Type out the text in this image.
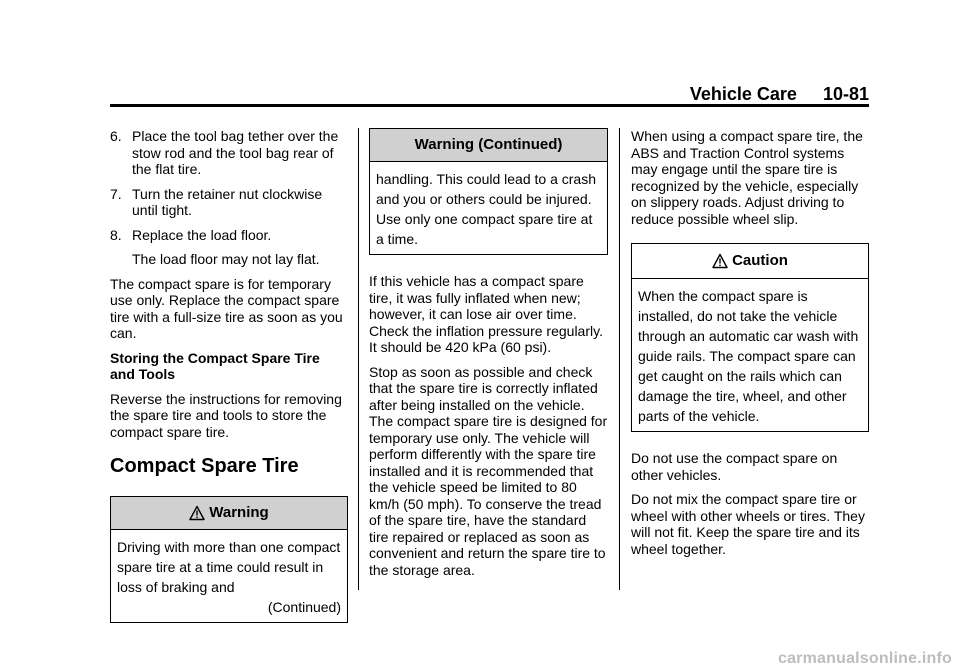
Vehicle Care 10-81
6. Place the tool bag tether over the stow rod and the tool bag rear of the flat tire.
7. Turn the retainer nut clockwise until tight.
8. Replace the load floor.

The load floor may not lay flat.

The compact spare is for temporary use only. Replace the compact spare tire with a full-size tire as soon as you can.

Storing the Compact Spare Tire and Tools

Reverse the instructions for removing the spare tire and tools to store the compact spare tire.

Compact Spare Tire
Warning
Driving with more than one compact spare tire at a time could result in loss of braking and
(Continued)
Warning (Continued)
handling. This could lead to a crash and you or others could be injured. Use only one compact spare tire at a time.

If this vehicle has a compact spare tire, it was fully inflated when new; however, it can lose air over time. Check the inflation pressure regularly. It should be 420 kPa (60 psi).

Stop as soon as possible and check that the spare tire is correctly inflated after being installed on the vehicle. The compact spare tire is designed for temporary use only. The vehicle will perform differently with the spare tire installed and it is recommended that the vehicle speed be limited to 80 km/h (50 mph). To conserve the tread of the spare tire, have the standard tire repaired or replaced as soon as convenient and return the spare tire to the storage area.

When using a compact spare tire, the ABS and Traction Control systems may engage until the spare tire is recognized by the vehicle, especially on slippery roads. Adjust driving to reduce possible wheel slip.

Caution
When the compact spare is installed, do not take the vehicle through an automatic car wash with guide rails. The compact spare can get caught on the rails which can damage the tire, wheel, and other parts of the vehicle.

Do not use the compact spare on other vehicles.

Do not mix the compact spare tire or wheel with other wheels or tires. They will not fit. Keep the spare tire and its wheel together.

carmanualsonline.info
